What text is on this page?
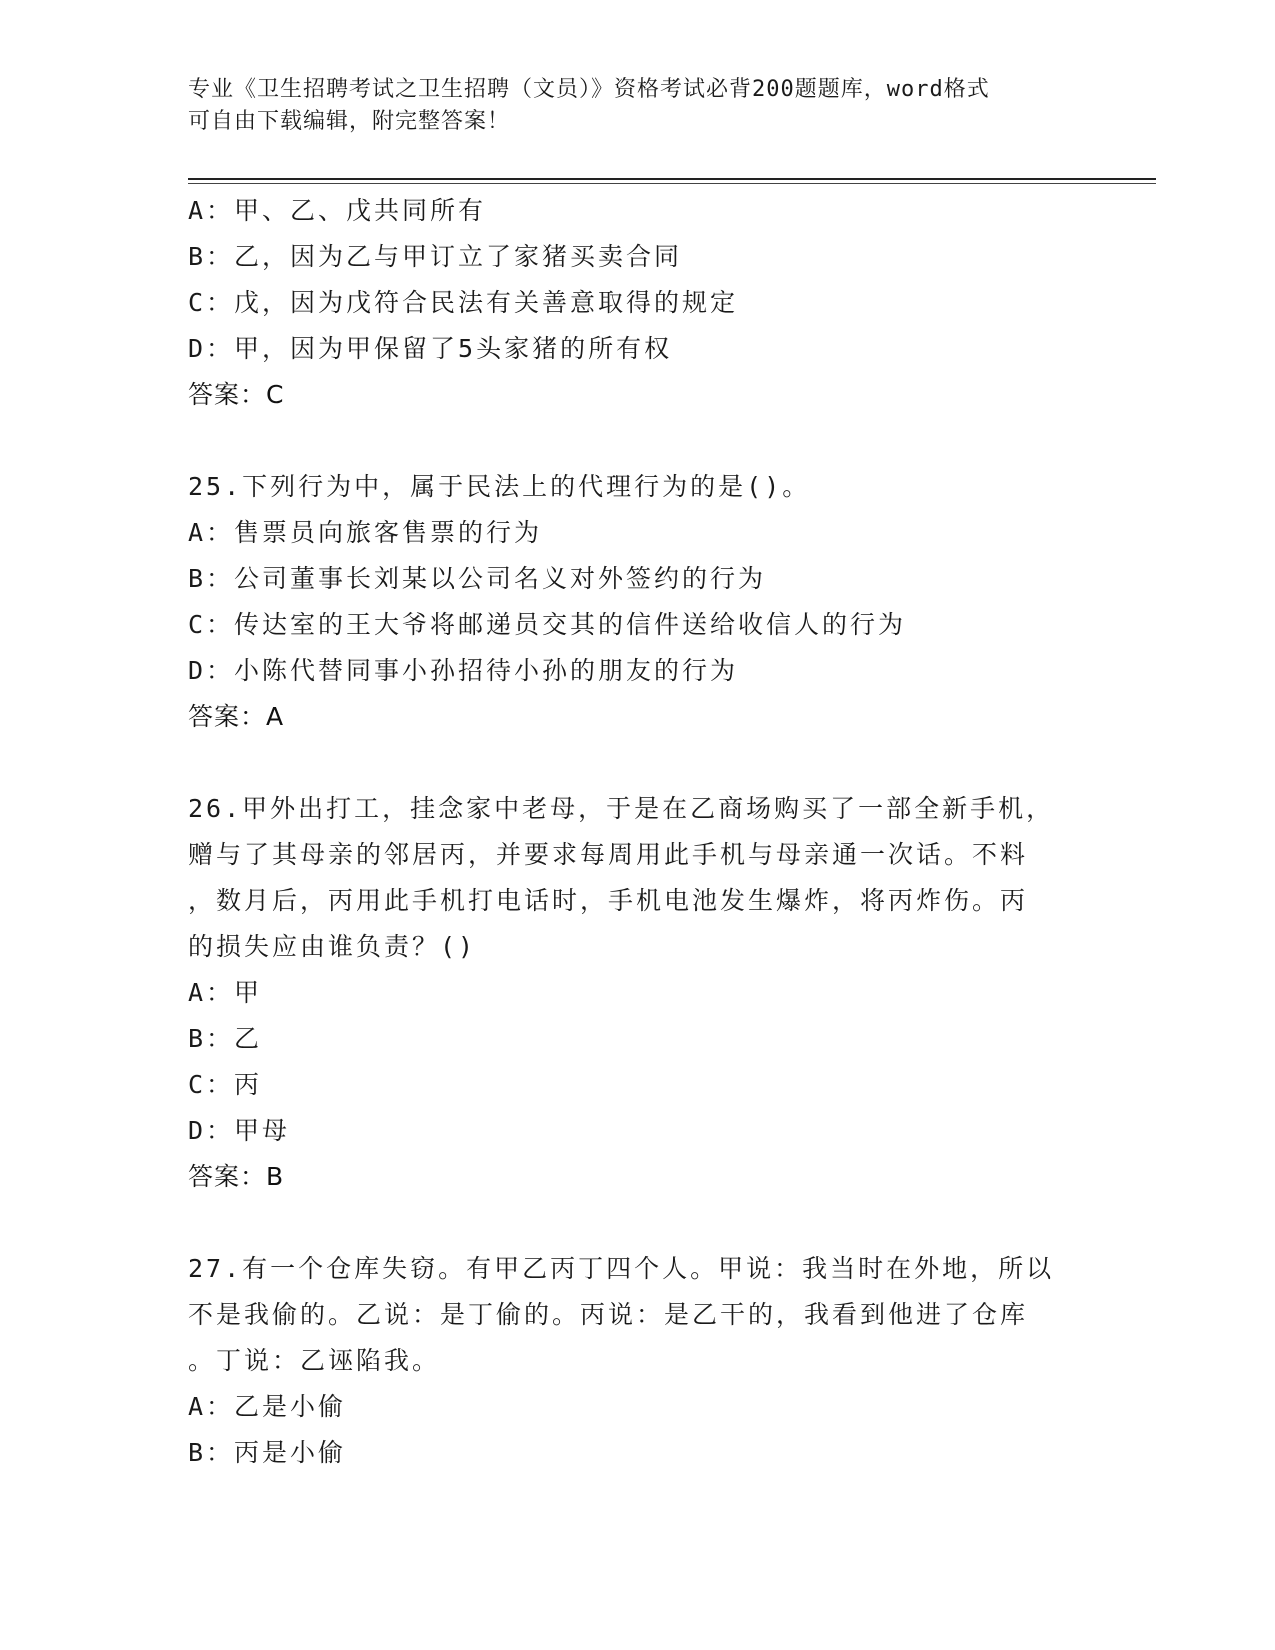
专业《卫生招聘考试之卫生招聘（文员）》资格考试必背200题题库，word格式
可自由下载编辑，附完整答案！
A：甲、乙、戊共同所有
B：乙，因为乙与甲订立了家猪买卖合同
C：戊，因为戊符合民法有关善意取得的规定
D：甲，因为甲保留了5头家猪的所有权
答案：C
25.下列行为中，属于民法上的代理行为的是()。
A：售票员向旅客售票的行为
B：公司董事长刘某以公司名义对外签约的行为
C：传达室的王大爷将邮递员交其的信件送给收信人的行为
D：小陈代替同事小孙招待小孙的朋友的行为
答案：A
26.甲外出打工，挂念家中老母，于是在乙商场购买了一部全新手机，
赠与了其母亲的邻居丙，并要求每周用此手机与母亲通一次话。不料
，数月后，丙用此手机打电话时，手机电池发生爆炸，将丙炸伤。丙
的损失应由谁负责？()
A：甲
B：乙
C：丙
D：甲母
答案：B
27.有一个仓库失窃。有甲乙丙丁四个人。甲说：我当时在外地，所以
不是我偷的。乙说：是丁偷的。丙说：是乙干的，我看到他进了仓库
。丁说：乙诬陷我。
A：乙是小偷
B：丙是小偷
